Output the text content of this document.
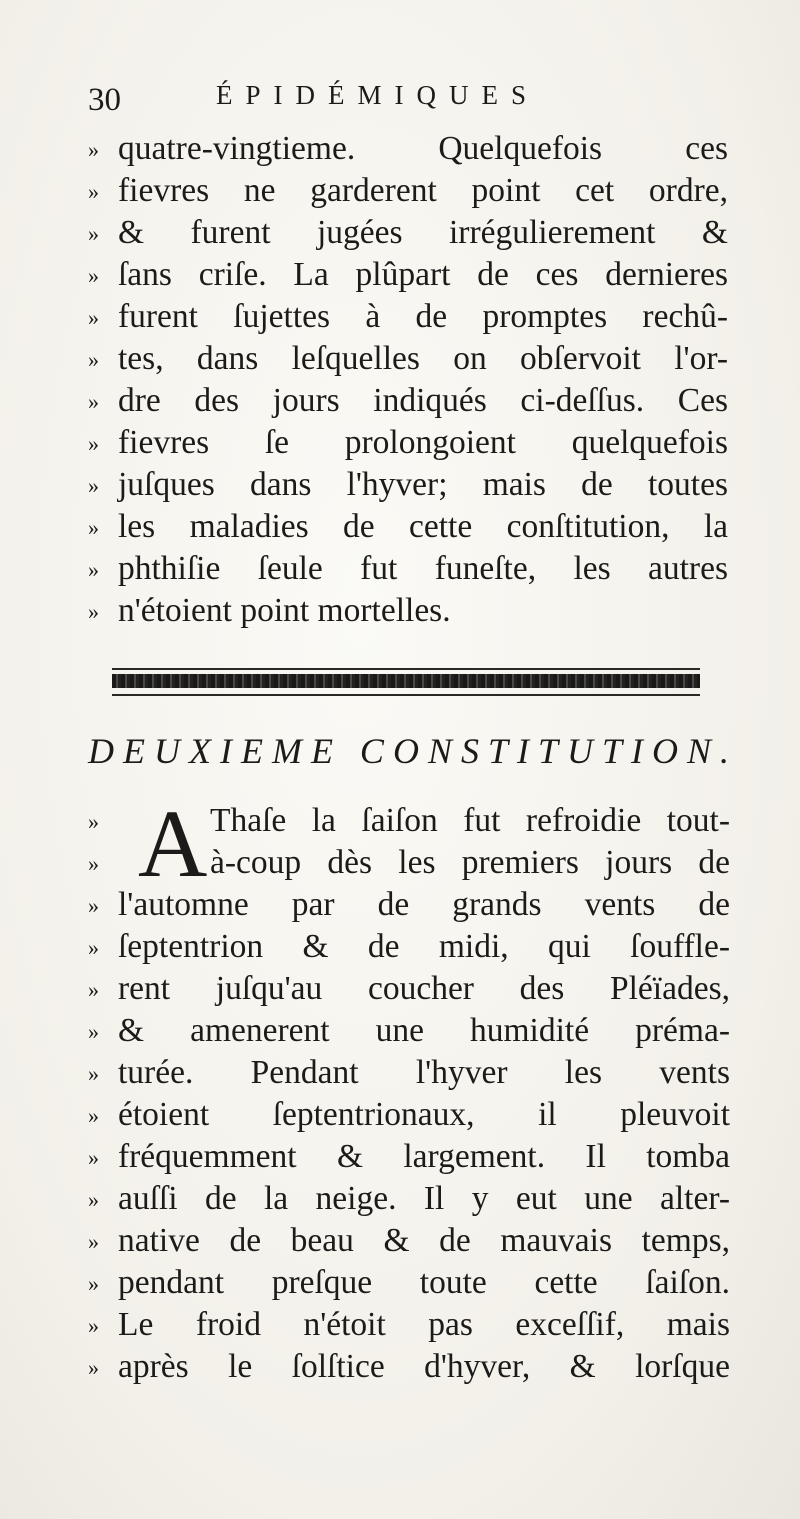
30	ÉPIDÉMIQUES
» quatre-vingtieme. Quelquefois ces
» fievres ne garderent point cet ordre,
» & furent jugées irrégulierement &
» ſans criſe. La plûpart de ces dernieres
» furent ſujettes à de promptes rechû-
» tes, dans leſquelles on obſervoit l'or-
» dre des jours indiqués ci-deſſus. Ces
» fievres ſe prolongoient quelquefois
» juſques dans l'hyver; mais de toutes
» les maladies de cette conſtitution, la
» phthiſie ſeule fut funeſte, les autres
» n'étoient point mortelles.
DEUXIEME CONSTITUTION.
A
»	Thaſe la ſaiſon fut refroidie tout-
»	à-coup dès les premiers jours de
» l'automne par de grands vents de
» ſeptentrion & de midi, qui ſouffle-
» rent juſqu'au coucher des Pléïades,
» & amenerent une humidité préma-
» turée. Pendant l'hyver les vents
» étoient ſeptentrionaux, il pleuvoit
» fréquemment & largement. Il tomba
» auſſi de la neige. Il y eut une alter-
» native de beau & de mauvais temps,
» pendant preſque toute cette ſaiſon.
» Le froid n'étoit pas exceſſif, mais
» après le ſolſtice d'hyver, & lorſque
